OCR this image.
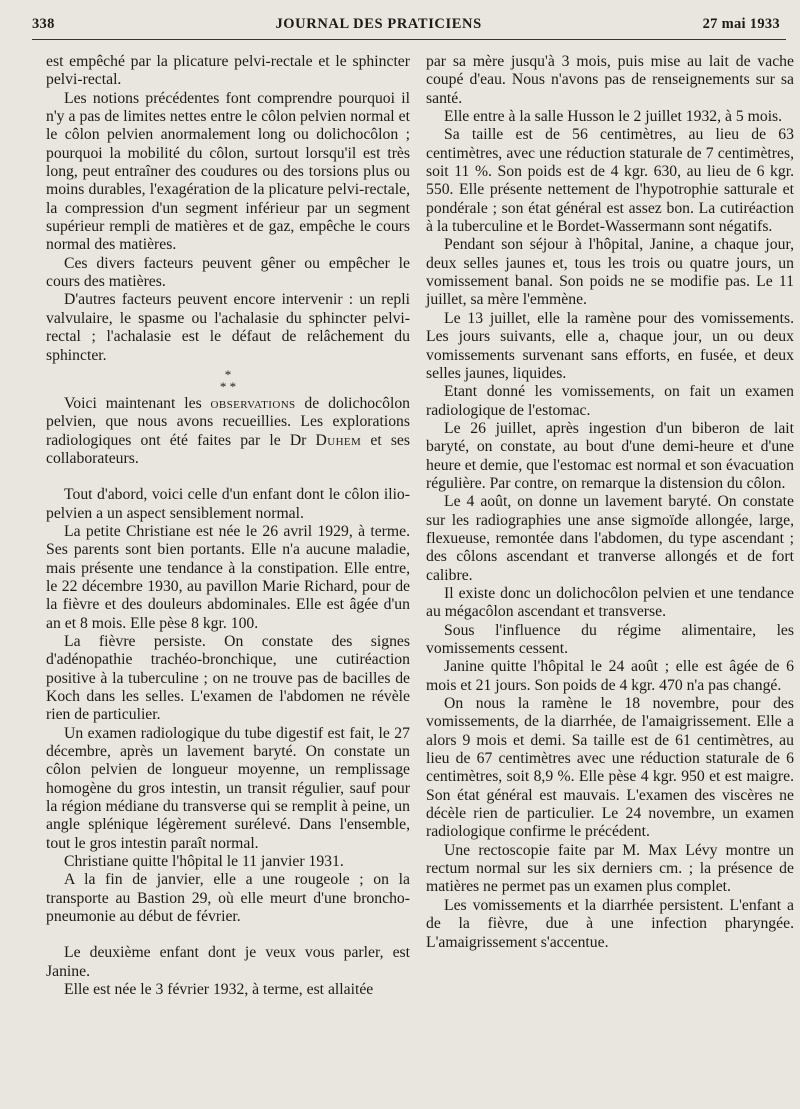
338	JOURNAL DES PRATICIENS	27 mai 1933

est empêché par la plicature pelvi-rectale et le sphincter pelvi-rectal.

Les notions précédentes font comprendre pourquoi il n'y a pas de limites nettes entre le côlon pelvien normal et le côlon pelvien anormalement long ou dolichocôlon ; pourquoi la mobilité du côlon, surtout lorsqu'il est très long, peut entraîner des coudures ou des torsions plus ou moins durables, l'exagération de la plicature pelvi-rectale, la compression d'un segment inférieur par un segment supérieur rempli de matières et de gaz, empêche le cours normal des matières.

Ces divers facteurs peuvent gêner ou empêcher le cours des matières.

D'autres facteurs peuvent encore intervenir : un repli valvulaire, le spasme ou l'achalasie du sphincter pelvi-rectal ; l'achalasie est le défaut de relâchement du sphincter.

*
* *

Voici maintenant les observations de dolichocôlon pelvien, que nous avons recueillies. Les explorations radiologiques ont été faites par le Dr Duhem et ses collaborateurs.

Tout d'abord, voici celle d'un enfant dont le côlon ilio-pelvien a un aspect sensiblement normal.

La petite Christiane est née le 26 avril 1929, à terme. Ses parents sont bien portants. Elle n'a aucune maladie, mais présente une tendance à la constipation. Elle entre, le 22 décembre 1930, au pavillon Marie Richard, pour de la fièvre et des douleurs abdominales. Elle est âgée d'un an et 8 mois. Elle pèse 8 kgr. 100.

La fièvre persiste. On constate des signes d'adénopathie trachéo-bronchique, une cutiréaction positive à la tuberculine ; on ne trouve pas de bacilles de Koch dans les selles. L'examen de l'abdomen ne révèle rien de particulier.

Un examen radiologique du tube digestif est fait, le 27 décembre, après un lavement baryté. On constate un côlon pelvien de longueur moyenne, un remplissage homogène du gros intestin, un transit régulier, sauf pour la région médiane du transverse qui se remplit à peine, un angle splénique légèrement surélevé. Dans l'ensemble, tout le gros intestin paraît normal.

Christiane quitte l'hôpital le 11 janvier 1931.

A la fin de janvier, elle a une rougeole ; on la transporte au Bastion 29, où elle meurt d'une broncho-pneumonie au début de février.

Le deuxième enfant dont je veux vous parler, est Janine.

Elle est née le 3 février 1932, à terme, est allaitée

par sa mère jusqu'à 3 mois, puis mise au lait de vache coupé d'eau. Nous n'avons pas de renseignements sur sa santé.

Elle entre à la salle Husson le 2 juillet 1932, à 5 mois.

Sa taille est de 56 centimètres, au lieu de 63 centimètres, avec une réduction staturale de 7 centimètres, soit 11 %. Son poids est de 4 kgr. 630, au lieu de 6 kgr. 550. Elle présente nettement de l'hypotrophie satturale et pondérale ; son état général est assez bon. La cutiréaction à la tuberculine et le Bordet-Wassermann sont négatifs.

Pendant son séjour à l'hôpital, Janine, a chaque jour, deux selles jaunes et, tous les trois ou quatre jours, un vomissement banal. Son poids ne se modifie pas. Le 11 juillet, sa mère l'emmène.

Le 13 juillet, elle la ramène pour des vomissements. Les jours suivants, elle a, chaque jour, un ou deux vomissements survenant sans efforts, en fusée, et deux selles jaunes, liquides.

Etant donné les vomissements, on fait un examen radiologique de l'estomac.

Le 26 juillet, après ingestion d'un biberon de lait baryté, on constate, au bout d'une demi-heure et d'une heure et demie, que l'estomac est normal et son évacuation régulière. Par contre, on remarque la distension du côlon.

Le 4 août, on donne un lavement baryté. On constate sur les radiographies une anse sigmoïde allongée, large, flexueuse, remontée dans l'abdomen, du type ascendant ; des côlons ascendant et tranverse allongés et de fort calibre.

Il existe donc un dolichocôlon pelvien et une tendance au mégacôlon ascendant et transverse.

Sous l'influence du régime alimentaire, les vomissements cessent.

Janine quitte l'hôpital le 24 août ; elle est âgée de 6 mois et 21 jours. Son poids de 4 kgr. 470 n'a pas changé.

On nous la ramène le 18 novembre, pour des vomissements, de la diarrhée, de l'amaigrissement. Elle a alors 9 mois et demi. Sa taille est de 61 centimètres, au lieu de 67 centimètres avec une réduction staturale de 6 centimètres, soit 8,9 %. Elle pèse 4 kgr. 950 et est maigre. Son état général est mauvais. L'examen des viscères ne décèle rien de particulier. Le 24 novembre, un examen radiologique confirme le précédent.

Une rectoscopie faite par M. Max Lévy montre un rectum normal sur les six derniers cm. ; la présence de matières ne permet pas un examen plus complet.

Les vomissements et la diarrhée persistent. L'enfant a de la fièvre, due à une infection pharyngée. L'amaigrissement s'accentue.
